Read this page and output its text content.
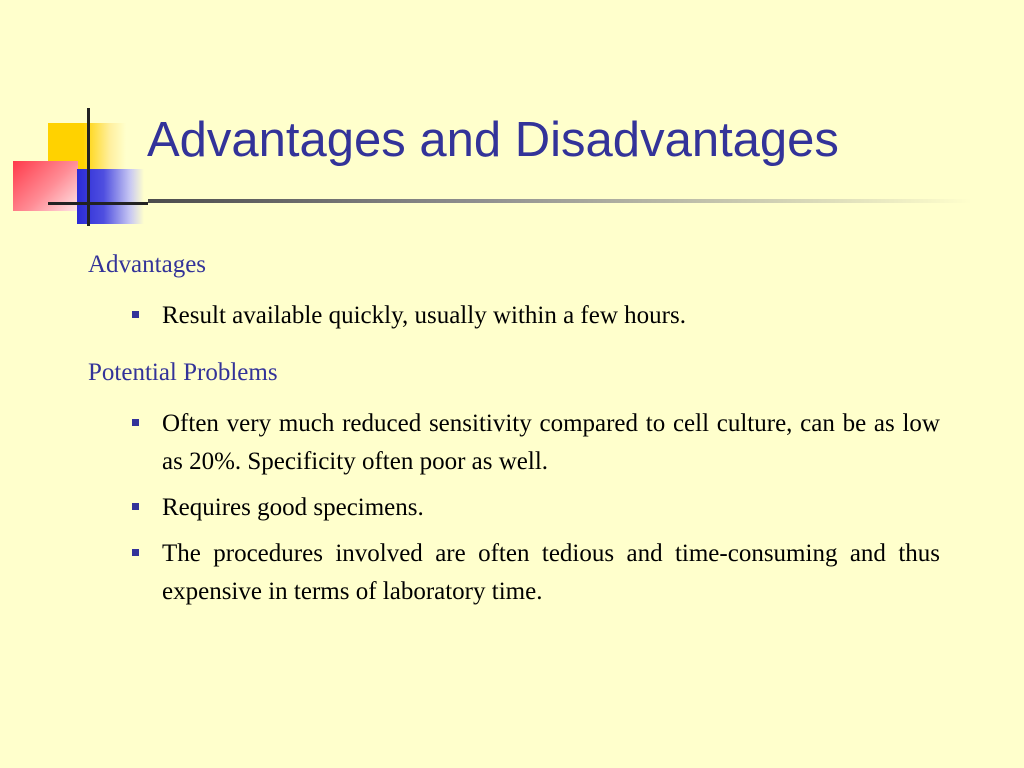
Advantages and Disadvantages
Advantages
Result available quickly, usually within a few hours.
Potential Problems
Often very much reduced sensitivity compared to cell culture, can be as low as 20%. Specificity often poor as well.
Requires good specimens.
The procedures involved are often tedious and time-consuming and thus expensive in terms of laboratory time.
